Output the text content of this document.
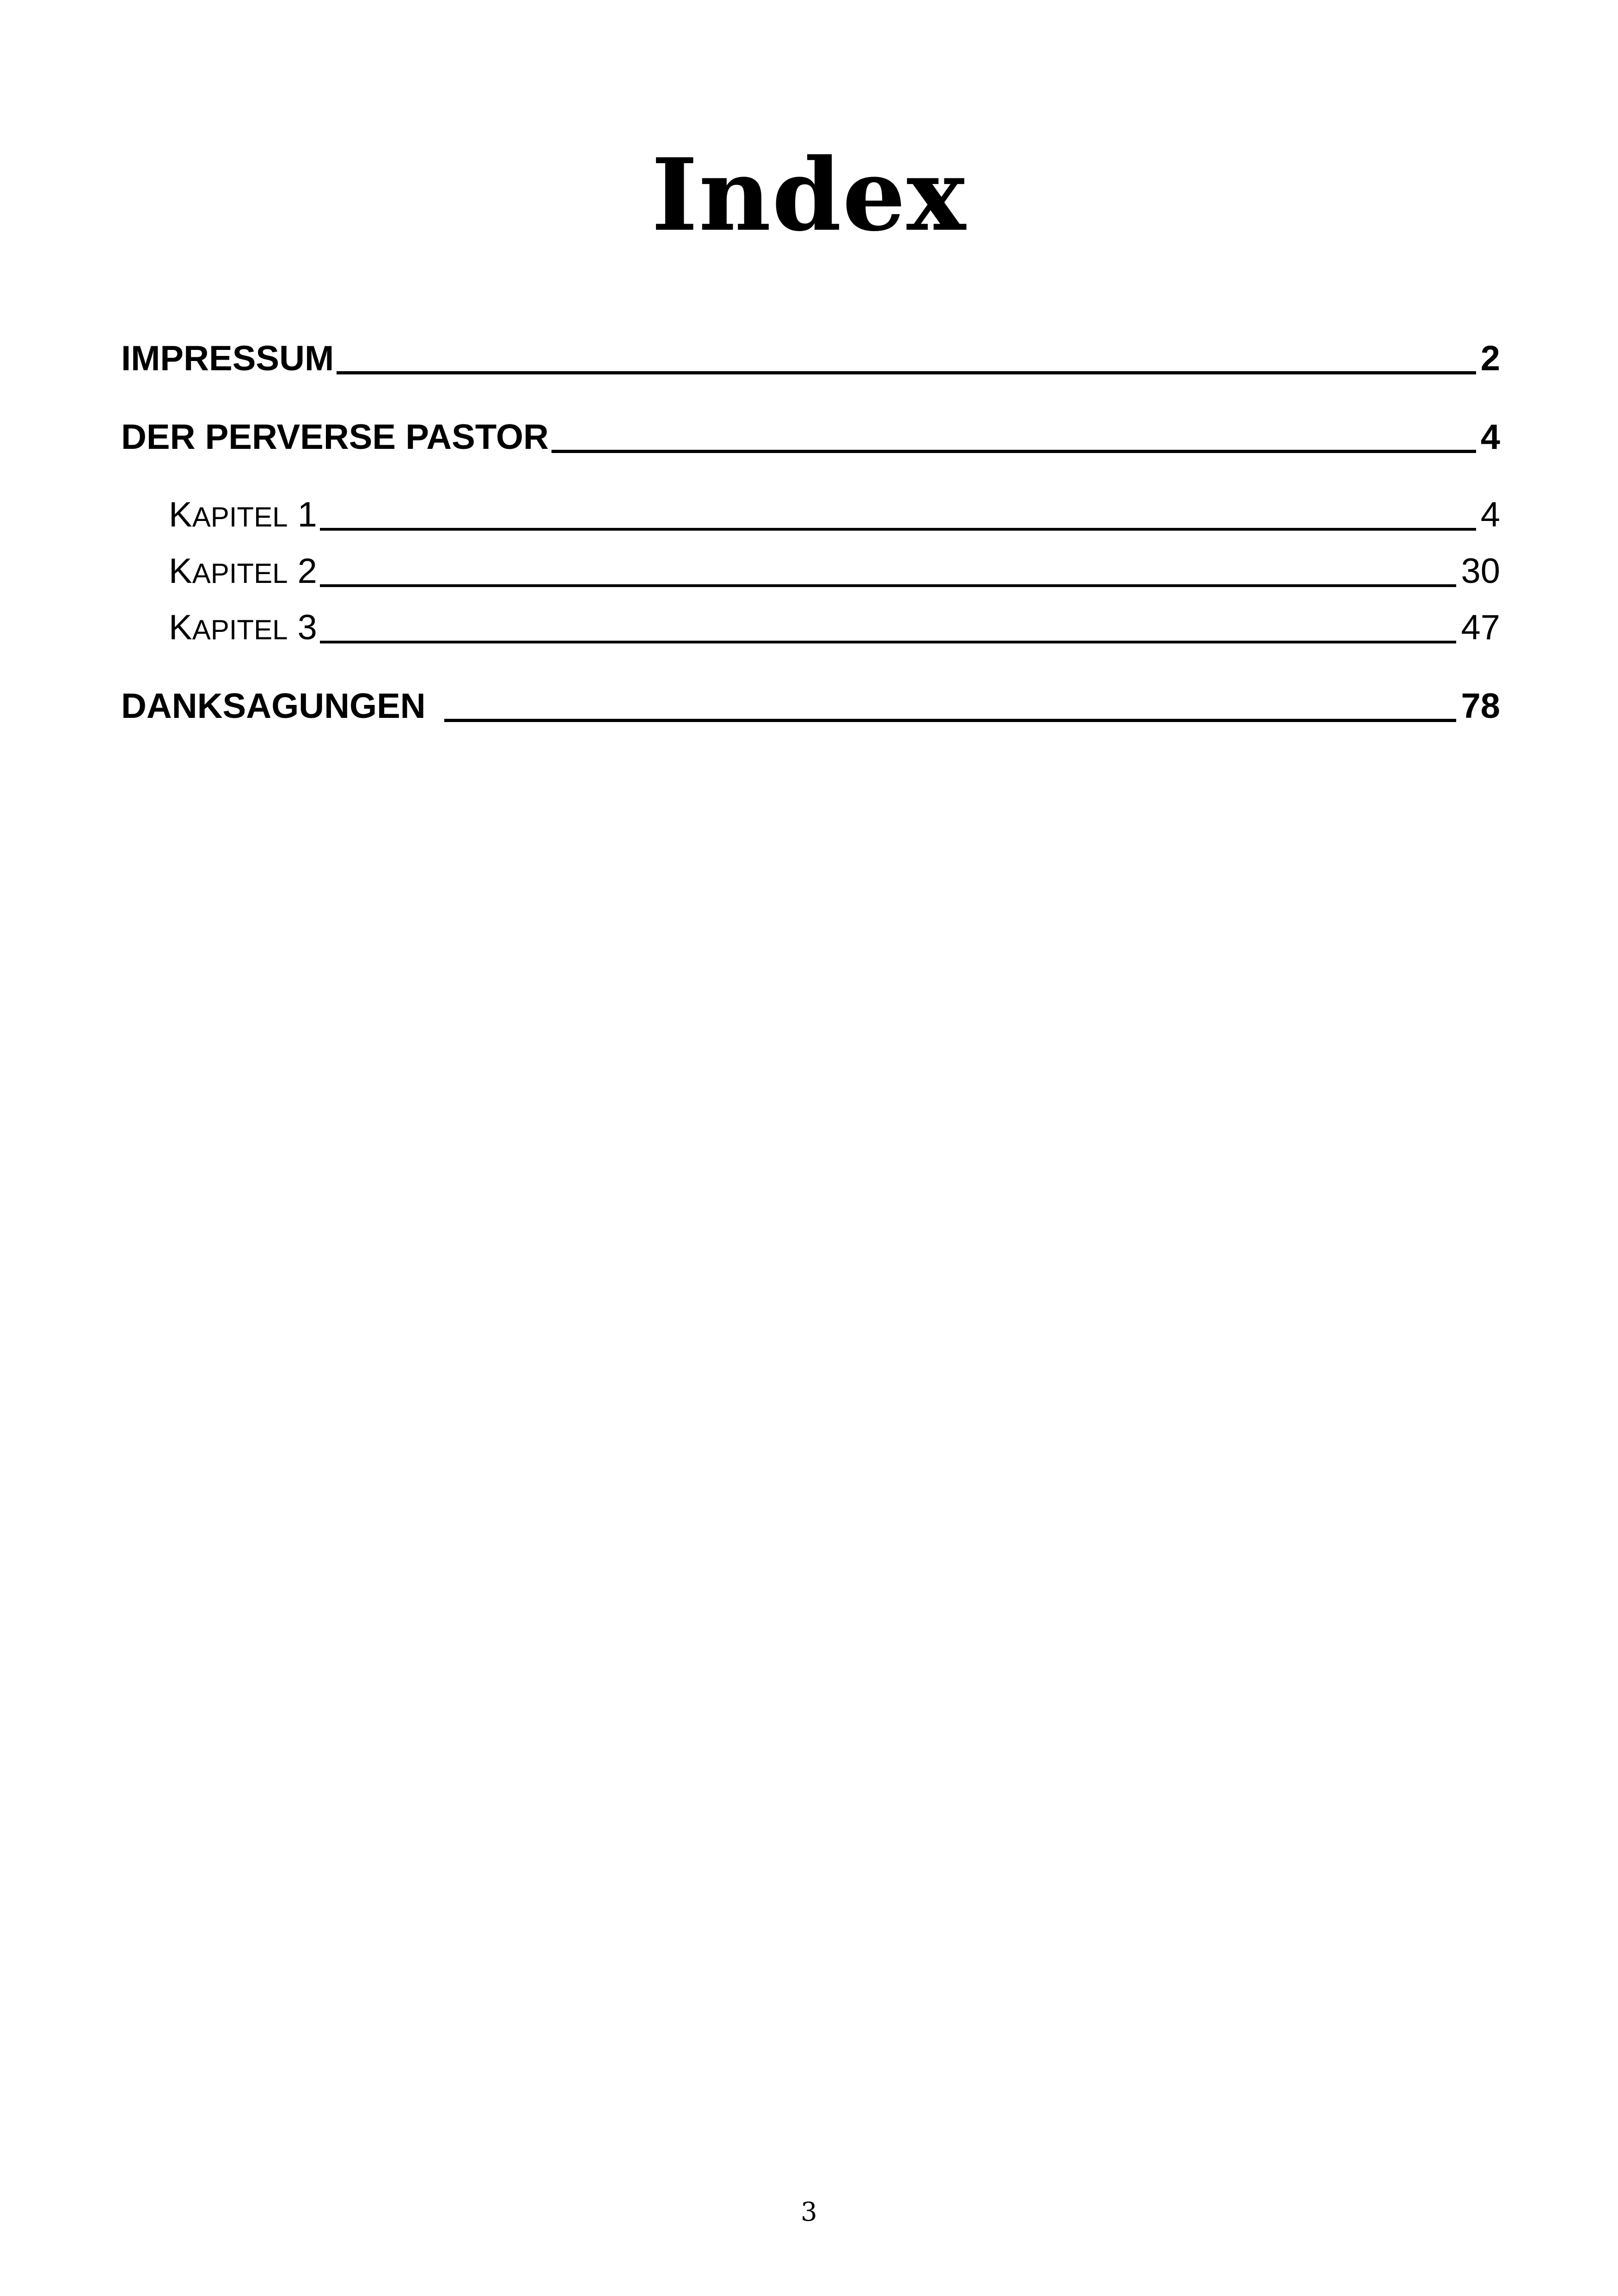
Index
IMPRESSUM	2
DER PERVERSE PASTOR	4
KAPITEL 1	4
KAPITEL 2	30
KAPITEL 3	47
DANKSAGUNGEN	78
3
